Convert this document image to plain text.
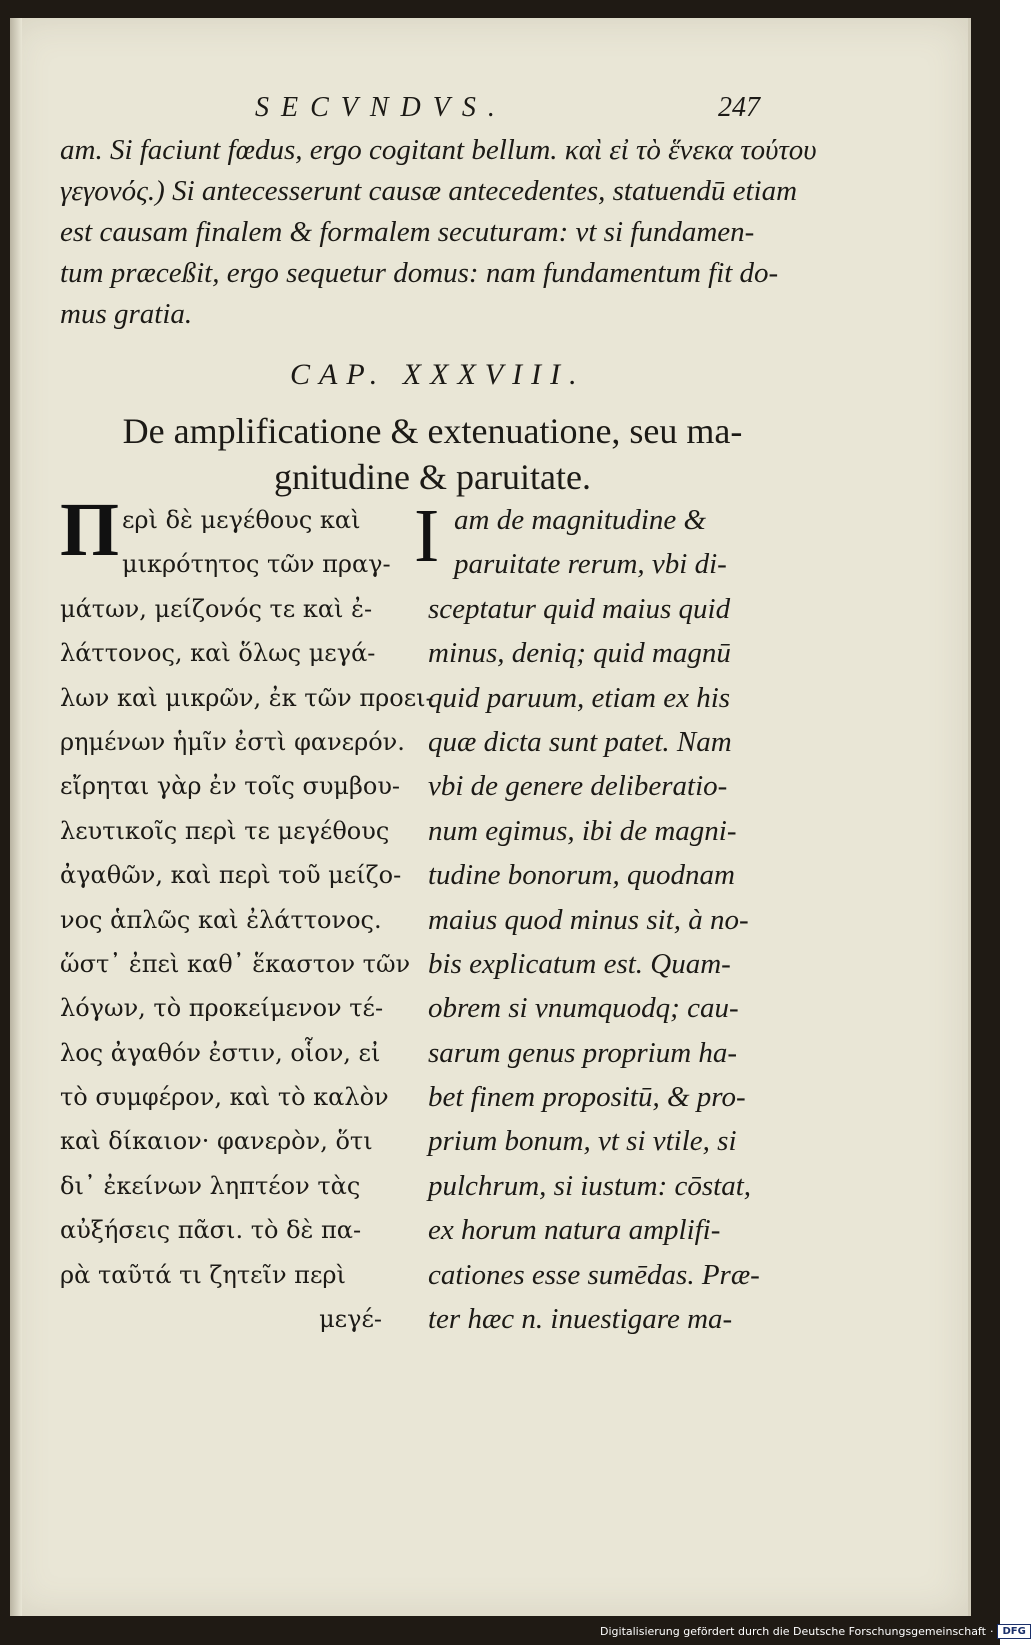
SECVNDVS.	247
am. Si faciunt fœdus, ergo cogitant bellum. καὶ εἰ τὸ ἕνεκα τούτου
γεγονός.) Si antecesserunt causæ antecedentes, statuendū etiam
est causam finalem & formalem secuturam: vt si fundamen-
tum præceßit, ergo sequetur domus: nam fundamentum fit do-
mus gratia.
CAP. XXXVIII.
De amplificatione & extenuatione, seu ma-
gnitudine & paruitate.
Π ερὶ δὲ μεγέθους καὶ
μικρότητος τῶν πραγ-
μάτων, μείζονός τε καὶ ἐ-
λάττονος, καὶ ὅλως μεγά-
λων καὶ μικρῶν, ἐκ τῶν προει-
ρημένων ἡμῖν ἐστὶ φανερόν.
εἴρηται γὰρ ἐν τοῖς συμβου-
λευτικοῖς περὶ τε μεγέθους
ἀγαθῶν, καὶ περὶ τοῦ μείζο-
νος ἁπλῶς καὶ ἐλάττονος.
ὥστ᾽ ἐπεὶ καθ᾽ ἕκαστον τῶν
λόγων, τὸ προκείμενον τέ-
λος ἀγαθόν ἐστιν, οἷον, εἰ
τὸ συμφέρον, καὶ τὸ καλὸν
καὶ δίκαιον· φανερὸν, ὅτι
δι᾽ ἐκείνων ληπτέον τὰς
αὐξήσεις πᾶσι. τὸ δὲ πα-
ρὰ ταῦτά τι ζητεῖν περὶ
μεγέ-
I am de magnitudine &
paruitate rerum, vbi di-
sceptatur quid maius quid
minus, deniq; quid magnū
quid paruum, etiam ex his
quæ dicta sunt patet. Nam
vbi de genere deliberatio-
num egimus, ibi de magni-
tudine bonorum, quodnam
maius quod minus sit, à no-
bis explicatum est. Quam-
obrem si vnumquodq; cau-
sarum genus proprium ha-
bet finem propositū, & pro-
prium bonum, vt si vtile, si
pulchrum, si iustum: cōstat,
ex horum natura amplifi-
cationes esse sumēdas. Præ-
ter hæc n. inuestigare ma-
Digitalisierung gefördert durch die Deutsche Forschungsgemeinschaft · DFG
